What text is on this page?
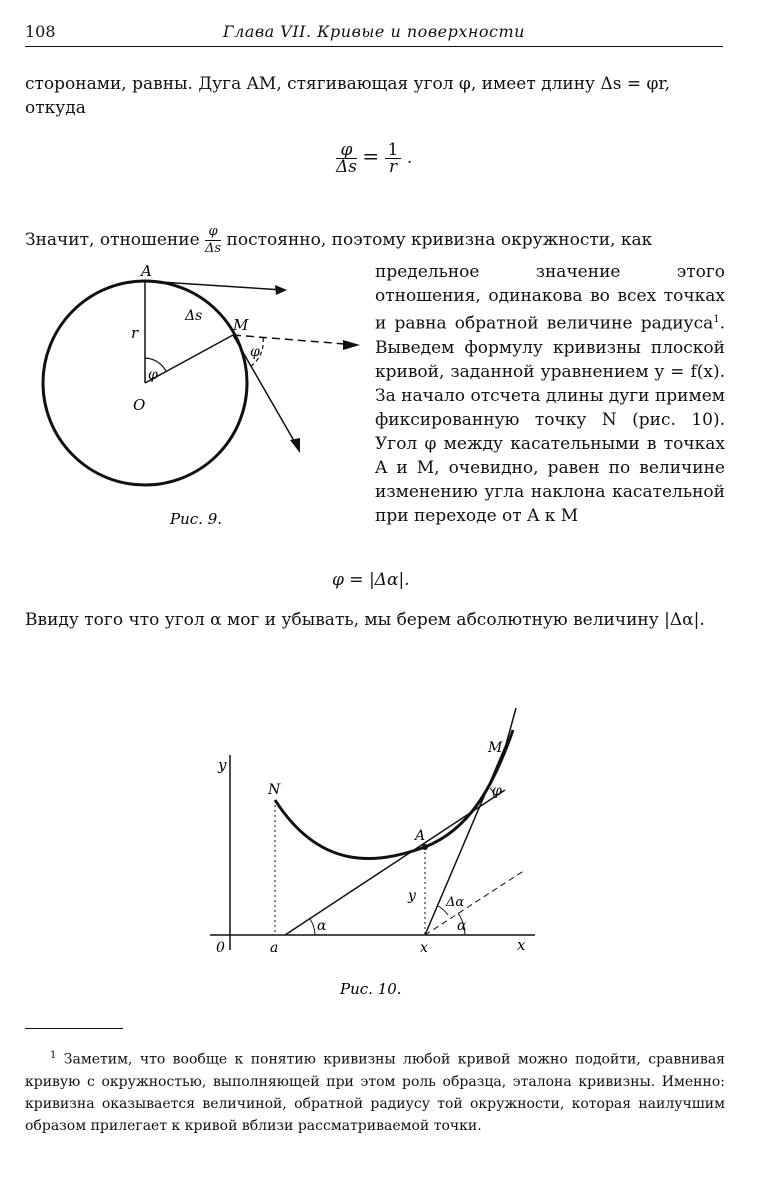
108	Глава VII. Кривые и поверхности
сторонами, равны. Дуга AM, стягивающая угол φ, имеет длину Δs = φr,
откуда
$\frac{\varphi}{\Delta s} = \frac{1}{r}$ .
Значит, отношение $\frac{\varphi}{\Delta s}$ постоянно, поэтому кривизна окружности, как
A
r
Δs M
φ
φ
O
Рис. 9.
предельное значение этого отношения, одинакова во всех точках и равна обратной величине радиуса$^1$. Выведем формулу кривизны плоской кривой, заданной уравнением y = f(x). За начало отсчета длины дуги примем фиксированную точку N (рис. 10). Угол φ между касательными в точках A и M, очевидно, равен по величине изменению угла наклона касательной при переходе от A к M
φ = |Δα|.
Ввиду того что угол α мог и убывать, мы берем абсолютную величину |Δα|.
y
x
0	a	x
N
M
φ
A
y Δα
α	α
Рис. 10.
$^1$ Заметим, что вообще к понятию кривизны любой кривой можно подойти, сравнивая кривую с окружностью, выполняющей при этом роль образца, эталона кривизны. Именно: кривизна оказывается величиной, обратной радиусу той окружности, которая наилучшим образом прилегает к кривой вблизи рассматриваемой точки.
